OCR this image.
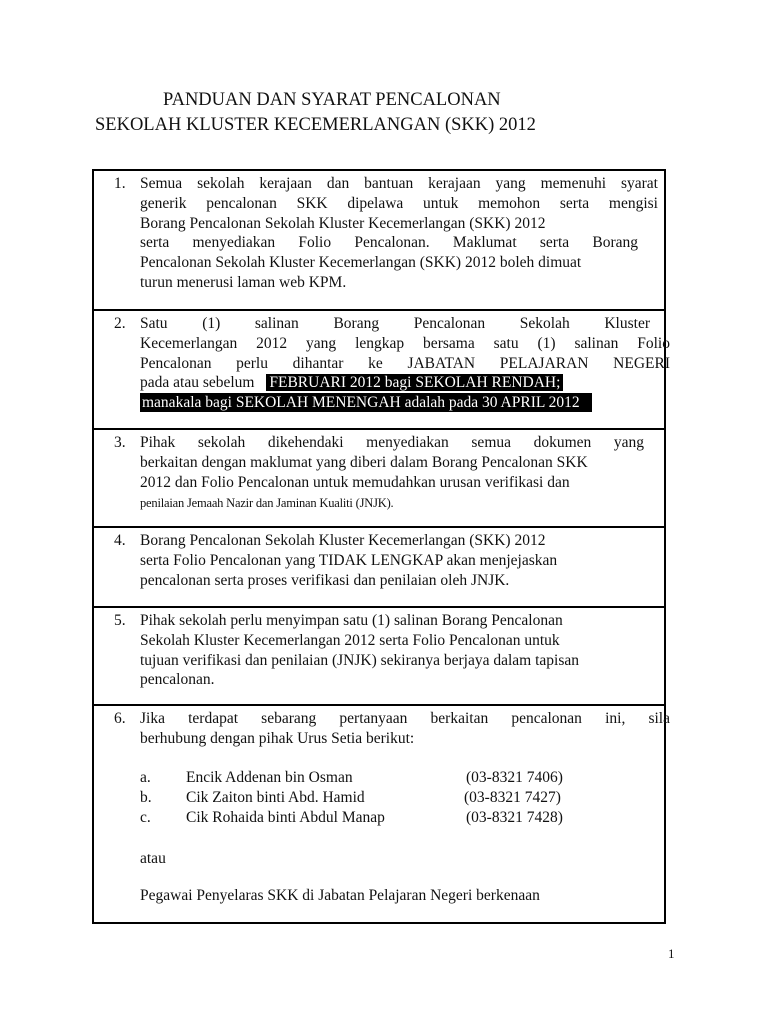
PANDUAN DAN SYARAT PENCALONAN
SEKOLAH KLUSTER KECEMERLANGAN (SKK) 2012
1. Semua sekolah kerajaan dan bantuan kerajaan yang memenuhi syarat
generik pencalonan SKK dipelawa untuk memohon serta mengisi
Borang Pencalonan Sekolah Kluster Kecemerlangan (SKK) 2012
serta menyediakan Folio Pencalonan. Maklumat serta Borang
Pencalonan Sekolah Kluster Kecemerlangan (SKK) 2012 boleh dimuat
turun menerusi laman web KPM.
2. Satu (1) salinan Borang Pencalonan Sekolah Kluster
Kecemerlangan 2012 yang lengkap bersama satu (1) salinan Folio
Pencalonan perlu dihantar ke JABATAN PELAJARAN NEGERI
pada atau sebelum FEBRUARI 2012 bagi SEKOLAH RENDAH;
manakala bagi SEKOLAH MENENGAH adalah pada 30 APRIL 2012
3. Pihak sekolah dikehendaki menyediakan semua dokumen yang
berkaitan dengan maklumat yang diberi dalam Borang Pencalonan SKK
2012 dan Folio Pencalonan untuk memudahkan urusan verifikasi dan
penilaian Jemaah Nazir dan Jaminan Kualiti (JNJK).
4. Borang Pencalonan Sekolah Kluster Kecemerlangan (SKK) 2012
serta Folio Pencalonan yang TIDAK LENGKAP akan menjejaskan
pencalonan serta proses verifikasi dan penilaian oleh JNJK.
5. Pihak sekolah perlu menyimpan satu (1) salinan Borang Pencalonan
Sekolah Kluster Kecemerlangan 2012 serta Folio Pencalonan untuk
tujuan verifikasi dan penilaian (JNJK) sekiranya berjaya dalam tapisan
pencalonan.
6. Jika terdapat sebarang pertanyaan berkaitan pencalonan ini, sila
berhubung dengan pihak Urus Setia berikut:
a. Encik Addenan bin Osman	(03-8321 7406)
b. Cik Zaiton binti Abd. Hamid	(03-8321 7427)
c. Cik Rohaida binti Abdul Manap	(03-8321 7428)
atau
Pegawai Penyelaras SKK di Jabatan Pelajaran Negeri berkenaan
1
